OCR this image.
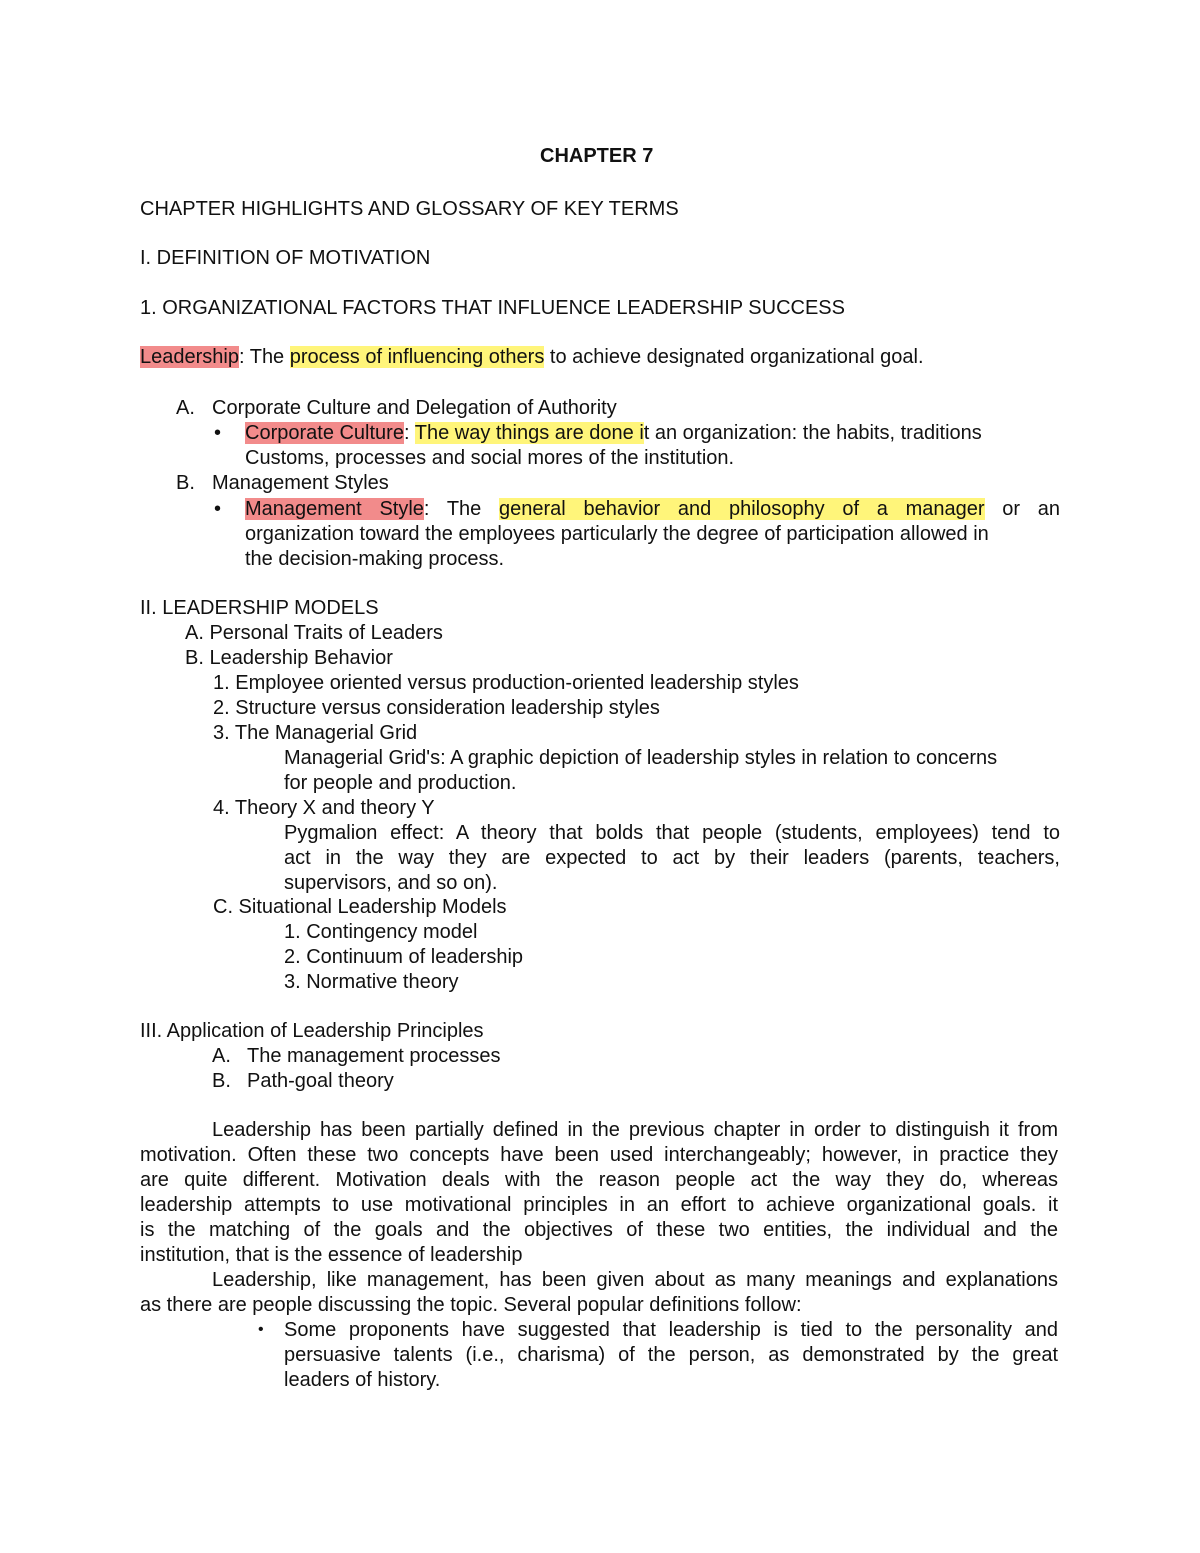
CHAPTER 7
CHAPTER HIGHLIGHTS AND GLOSSARY OF KEY TERMS
I. DEFINITION OF MOTIVATION
1. ORGANIZATIONAL FACTORS THAT INFLUENCE LEADERSHIP SUCCESS
Leadership: The process of influencing others to achieve designated organizational goal.
A. Corporate Culture and Delegation of Authority
• Corporate Culture: The way things are done it an organization: the habits, traditions
Customs, processes and social mores of the institution.
B. Management Styles
• Management Style: The general behavior and philosophy of a manager or an
organization toward the employees particularly the degree of participation allowed in
the decision-making process.
II. LEADERSHIP MODELS
A. Personal Traits of Leaders
B. Leadership Behavior
1. Employee oriented versus production-oriented leadership styles
2. Structure versus consideration leadership styles
3. The Managerial Grid
Managerial Grid's: A graphic depiction of leadership styles in relation to concerns
for people and production.
4. Theory X and theory Y
Pygmalion effect: A theory that bolds that people (students, employees) tend to
act in the way they are expected to act by their leaders (parents, teachers,
supervisors, and so on).
C. Situational Leadership Models
1. Contingency model
2. Continuum of leadership
3. Normative theory
III. Application of Leadership Principles
A. The management processes
B. Path-goal theory
Leadership has been partially defined in the previous chapter in order to distinguish it from
motivation. Often these two concepts have been used interchangeably; however, in practice they
are quite different. Motivation deals with the reason people act the way they do, whereas
leadership attempts to use motivational principles in an effort to achieve organizational goals. it
is the matching of the goals and the objectives of these two entities, the individual and the
institution, that is the essence of leadership
Leadership, like management, has been given about as many meanings and explanations
as there are people discussing the topic. Several popular definitions follow:
• Some proponents have suggested that leadership is tied to the personality and
persuasive talents (i.e., charisma) of the person, as demonstrated by the great
leaders of history.
